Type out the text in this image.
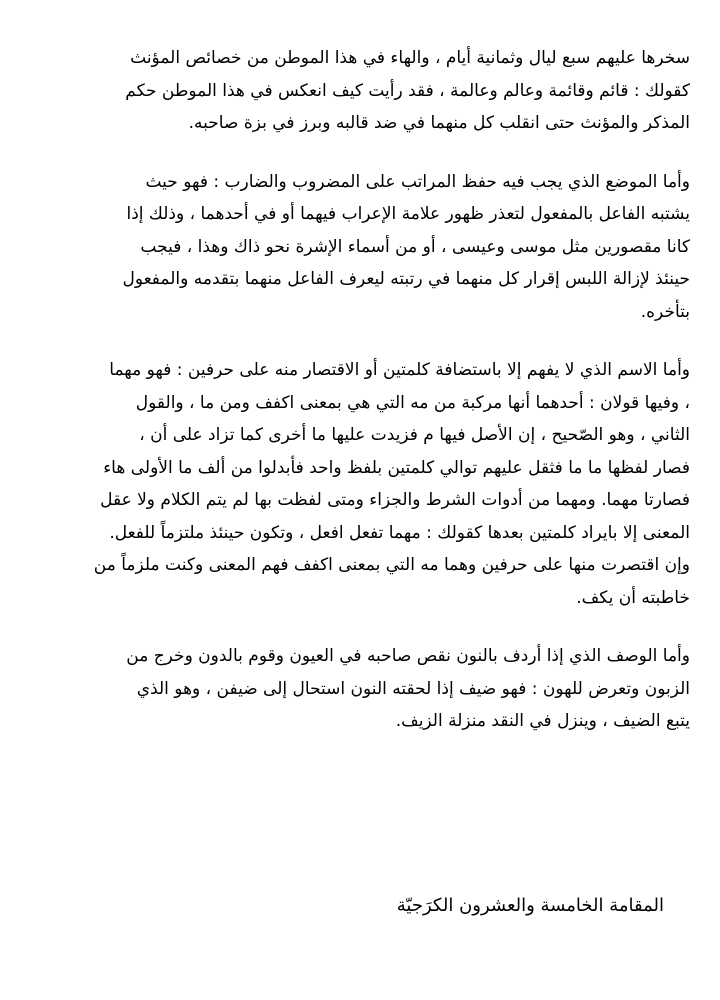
سخرها عليهم سبع ليال وثمانية أيام ، والهاء في هذا الموطن من خصائص المؤنث
كقولك : قائم وقائمة وعالم وعالمة ، فقد رأيت كيف انعكس في هذا الموطن حكم
المذكر والمؤنث حتى انقلب كل منهما في ضد قالبه وبرز في بزة صاحبه.

وأما الموضع الذي يجب فيه حفظ المراتب على المضروب والضارب : فهو حيث
يشتبه الفاعل بالمفعول لتعذر ظهور علامة الإعراب فيهما أو في أحدهما ، وذلك إذا
كانا مقصورين مثل موسى وعيسى ، أو من أسماء الإشرة نحو ذاك وهذا ، فيجب
حينئذ لإزالة اللبس إقرار كل منهما في رتبته ليعرف الفاعل منهما بتقدمه والمفعول
بتأخره.

وأما الاسم الذي لا يفهم إلا باستضافة كلمتين أو الاقتصار منه على حرفين : فهو مهما
، وفيها قولان : أحدهما أنها مركبة من مه التي هي بمعنى اكفف ومن ما ، والقول
الثاني ، وهو الصّحيح ، إن الأصل فيها م فزيدت عليها ما أخرى كما تزاد على أن ،
فصار لفظها ما ما فثقل عليهم توالي كلمتين بلفظ واحد فأبدلوا من ألف ما الأولى هاء
فصارتا مهما. ومهما من أدوات الشرط والجزاء ومتى لفظت بها لم يتم الكلام ولا عقل
المعنى إلا بايراد كلمتين بعدها كقولك : مهما تفعل افعل ، وتكون حينئذ ملتزماً للفعل.
وإن اقتصرت منها على حرفين وهما مه التي بمعنى اكفف فهم المعنى وكنت ملزماً من
خاطبته أن يكف.

وأما الوصف الذي إذا أردف بالنون نقص صاحبه في العيون وقوم بالدون وخرج من
الزبون وتعرض للهون : فهو ضيف إذا لحقته النون استحال إلى ضيفن ، وهو الذي
يتبع الضيف ، وينزل في النقد منزلة الزيف.

المقامة الخامسة والعشرون الكرَجيّة
